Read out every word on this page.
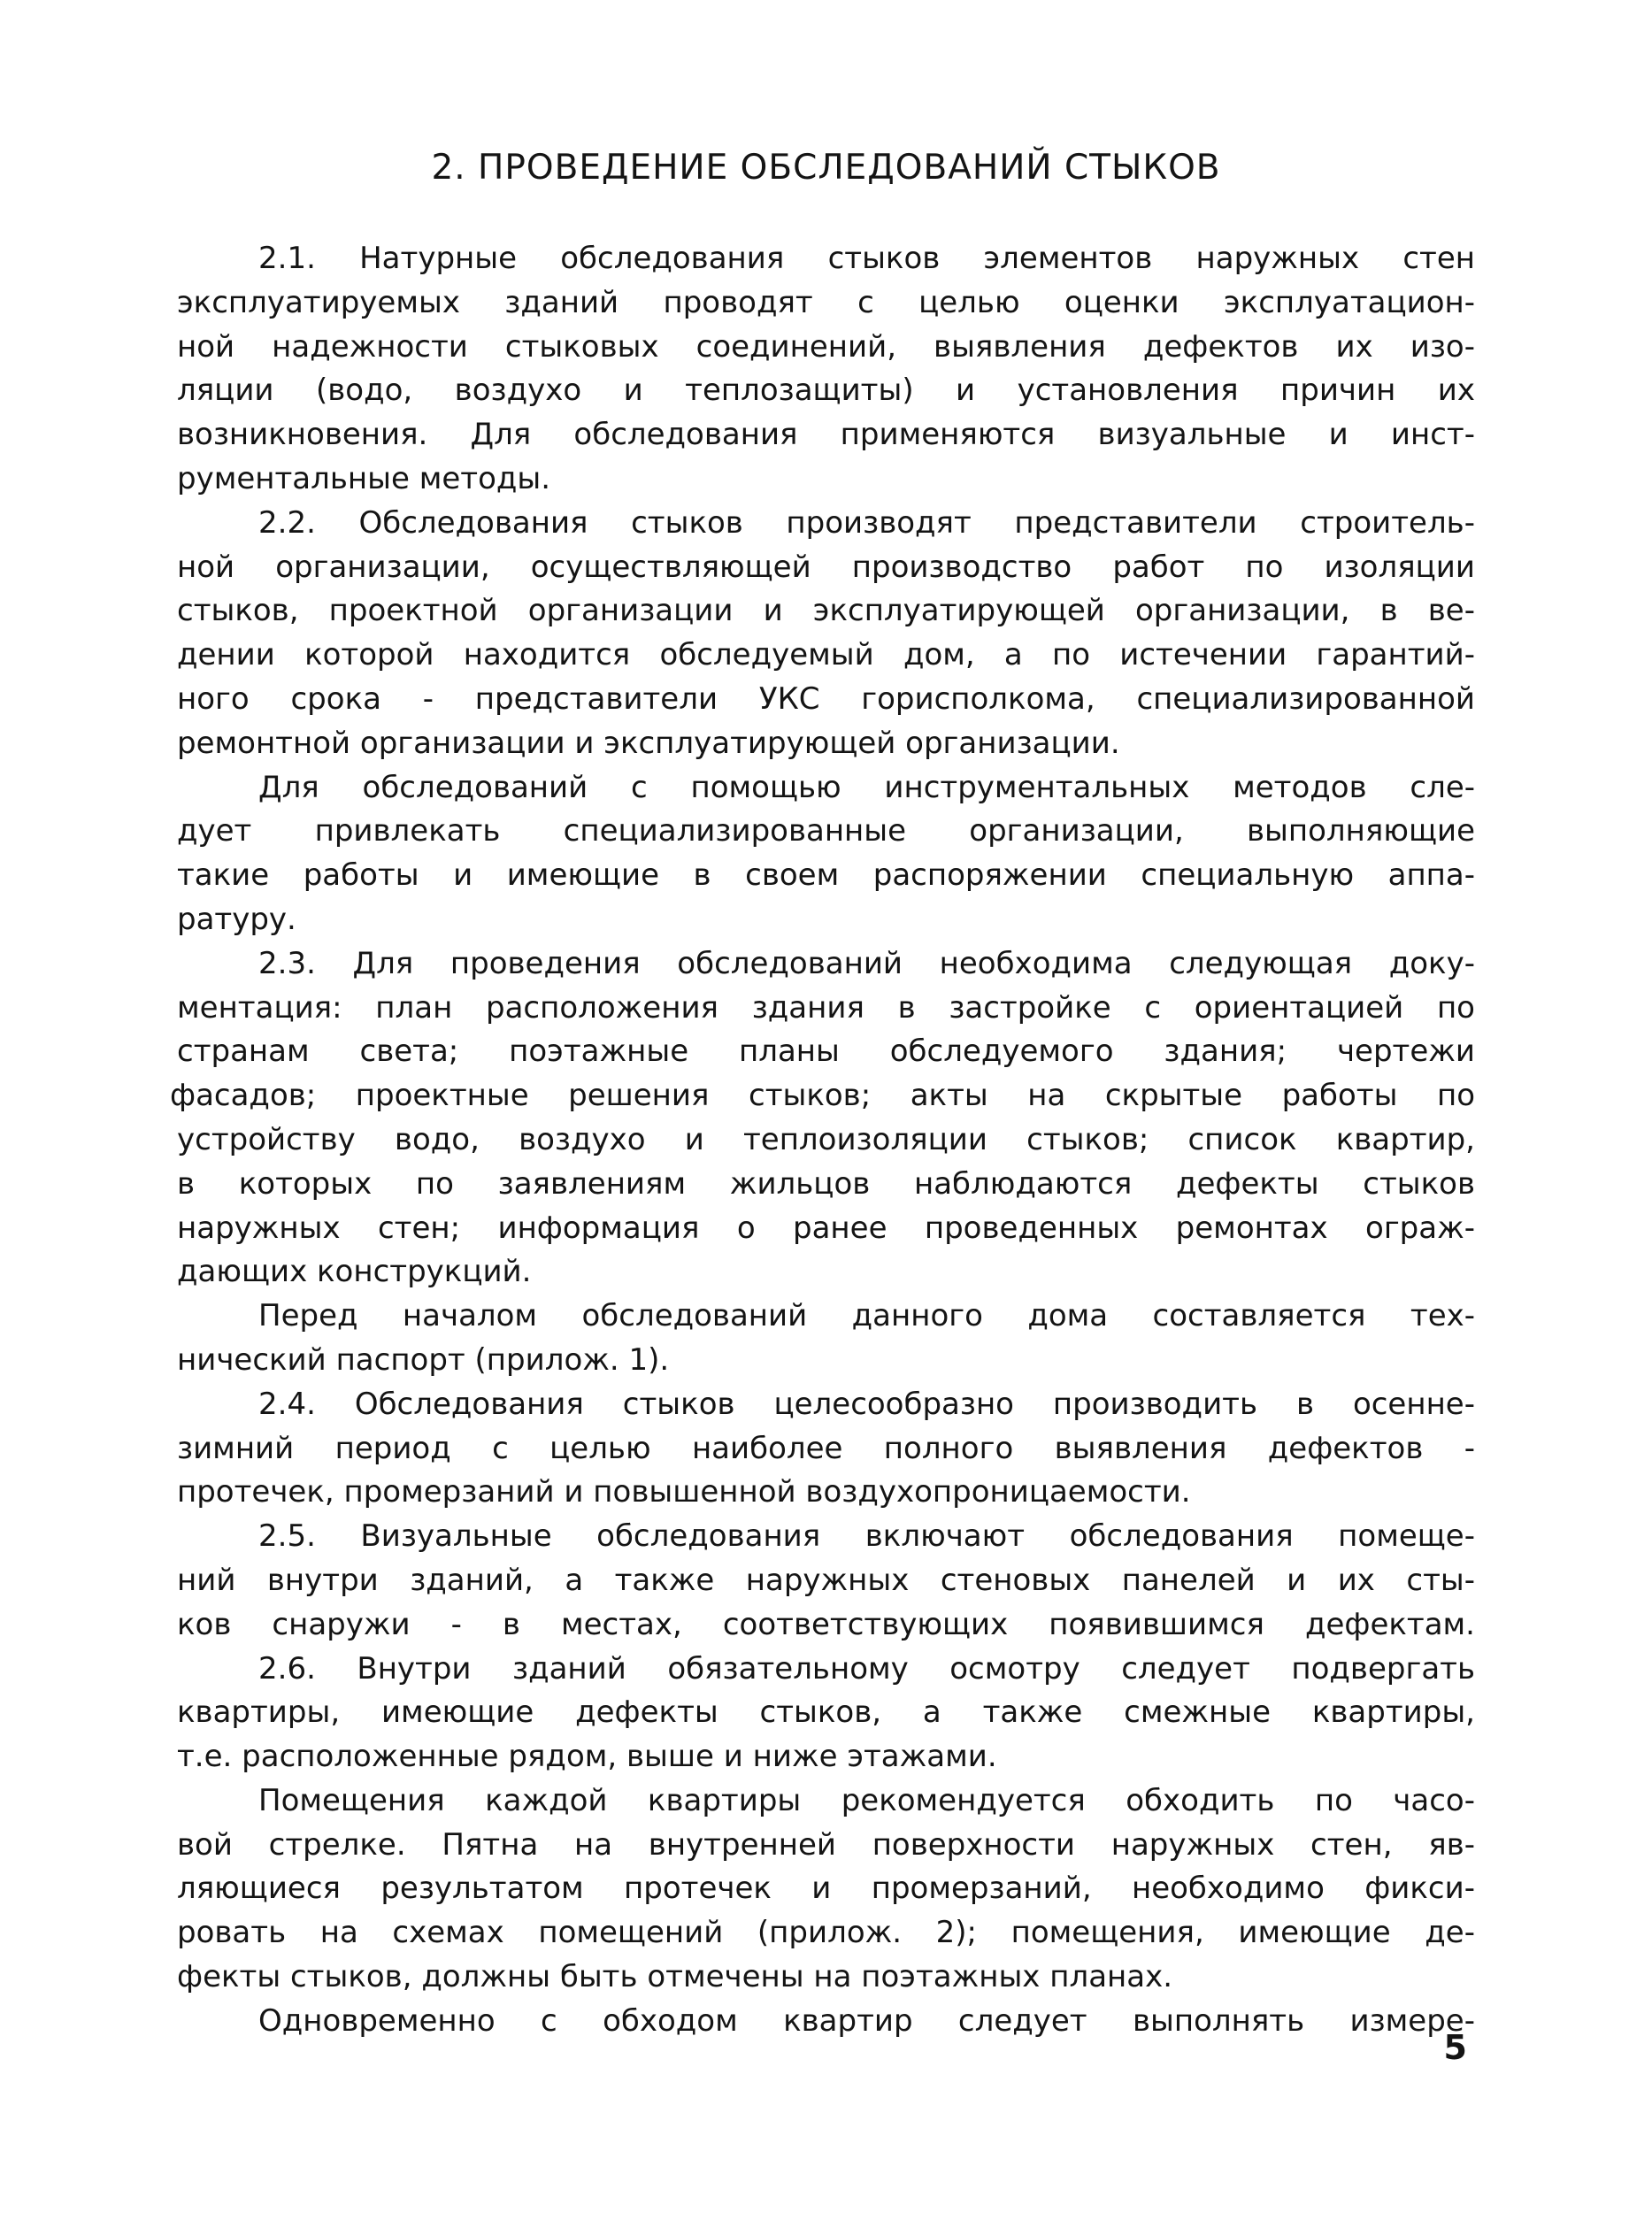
2. ПРОВЕДЕНИЕ ОБСЛЕДОВАНИЙ СТЫКОВ
2.1. Натурные обследования стыков элементов наружных стен
эксплуатируемых зданий проводят с целью оценки эксплуатацион-
ной надежности стыковых соединений, выявления дефектов их изо-
ляции (водо, воздухо и теплозащиты) и установления причин их
возникновения. Для обследования применяются визуальные и инст-
рументальные методы.
2.2. Обследования стыков производят представители строитель-
ной организации, осуществляющей производство работ по изоляции
стыков, проектной организации и эксплуатирующей организации, в ве-
дении которой находится обследуемый дом, а по истечении гарантий-
ного срока - представители УКС горисполкома, специализированной
ремонтной организации и эксплуатирующей организации.
Для обследований с помощью инструментальных методов сле-
дует привлекать специализированные организации, выполняющие
такие работы и имеющие в своем распоряжении специальную аппа-
ратуру.
2.3. Для проведения обследований необходима следующая доку-
ментация: план расположения здания в застройке с ориентацией по
странам света; поэтажные планы обследуемого здания; чертежи
фасадов; проектные решения стыков; акты на скрытые работы по
устройству водо, воздухо и теплоизоляции стыков; список квартир,
в которых по заявлениям жильцов наблюдаются дефекты стыков
наружных стен; информация о ранее проведенных ремонтах ограж-
дающих конструкций.
Перед началом обследований данного дома составляется тех-
нический паспорт (прилож. 1).
2.4. Обследования стыков целесообразно производить в осенне-
зимний период с целью наиболее полного выявления дефектов -
протечек, промерзаний и повышенной воздухопроницаемости.
2.5. Визуальные обследования включают обследования помеще-
ний внутри зданий, а также наружных стеновых панелей и их сты-
ков снаружи - в местах, соответствующих появившимся дефектам.
2.6. Внутри зданий обязательному осмотру следует подвергать
квартиры, имеющие дефекты стыков, а также смежные квартиры,
т.е. расположенные рядом, выше и ниже этажами.
Помещения каждой квартиры рекомендуется обходить по часо-
вой стрелке. Пятна на внутренней поверхности наружных стен, яв-
ляющиеся результатом протечек и промерзаний, необходимо фикси-
ровать на схемах помещений (прилож. 2); помещения, имеющие де-
фекты стыков, должны быть отмечены на поэтажных планах.
Одновременно с обходом квартир следует выполнять измере-
5
